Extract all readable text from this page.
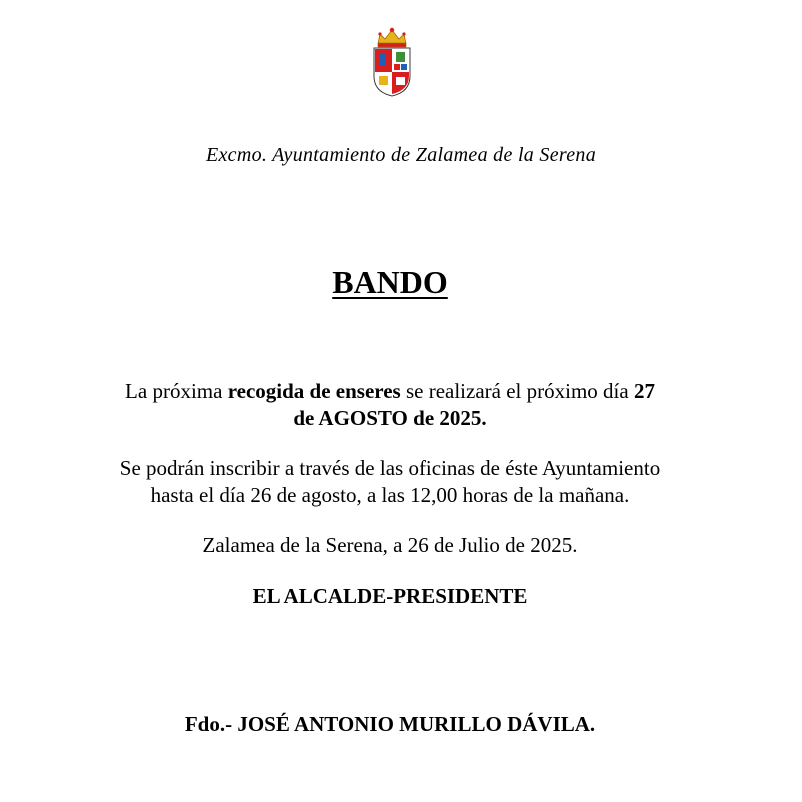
Excmo. Ayuntamiento de Zalamea de la Serena
BANDO
La próxima recogida de enseres se realizará el próximo día 27
de AGOSTO de 2025.
Se podrán inscribir a través de las oficinas de éste Ayuntamiento
hasta el día 26 de agosto, a las 12,00 horas de la mañana.
Zalamea de la Serena, a 26 de Julio de 2025.
EL ALCALDE-PRESIDENTE
Fdo.- JOSÉ ANTONIO MURILLO DÁVILA.
